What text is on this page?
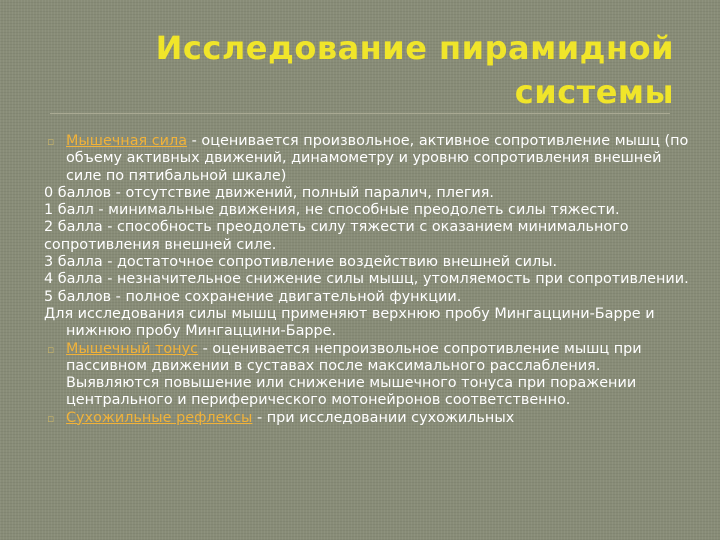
Исследование пирамидной
системы
▫ Мышечная сила - оценивается произвольное, активное сопротивление мышц (по объему активных движений, динамометру и уровню сопротивления внешней силе по пятибальной шкале)
0 баллов - отсутствие движений, полный паралич, плегия.
1 балл - минимальные движения, не способные преодолеть силы тяжести.
2 балла - способность преодолеть силу тяжести с оказанием минимального
сопротивления внешней силе.
3 балла - достаточное сопротивление воздействию внешней силы.
4 балла - незначительное снижение силы мышц, утомляемость при сопротивлении.
5 баллов - полное сохранение двигательной функции.
Для исследования силы мышц применяют верхнюю пробу Мингаццини-Барре и нижнюю пробу Мингаццини-Барре.
▫ Мышечный тонус - оценивается непроизвольное сопротивление мышц при пассивном движении в суставах после максимального расслабления.
Выявляются повышение или снижение мышечного тонуса при поражении центрального и периферического мотонейронов соответственно.
▫ Сухожильные рефлексы - при исследовании сухожильных
